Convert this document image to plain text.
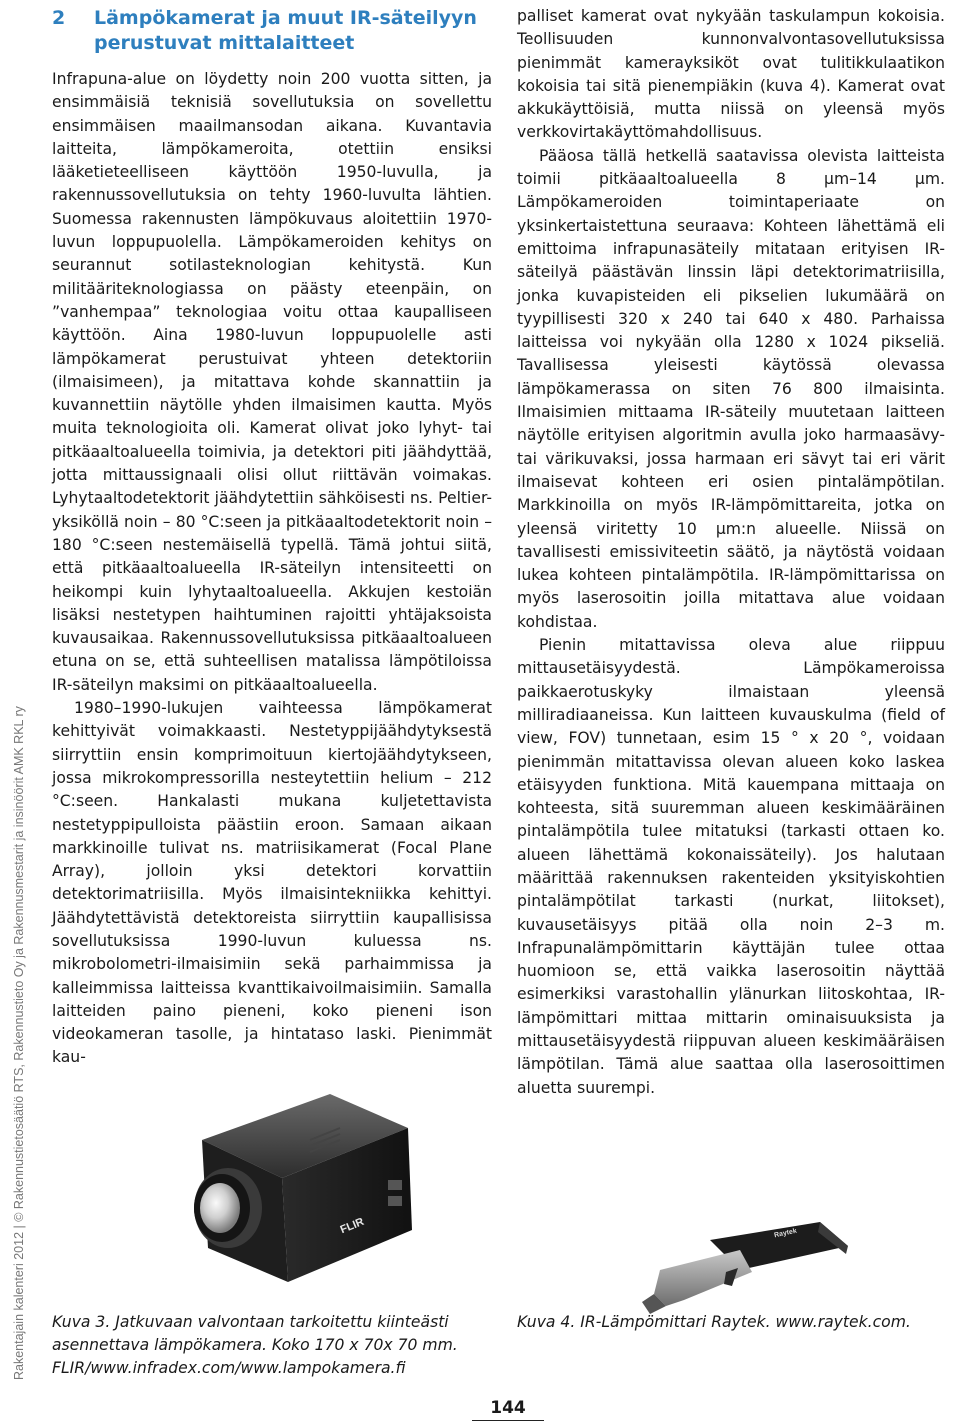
Rakentajain kalenteri 2012 | © Rakennustietosäätiö RTS, Rakennustieto Oy ja Rakennusmestarit ja insinöörit AMK RKL ry
2 Lämpökamerat ja muut IR-säteilyyn perustuvat mittalaitteet

Infrapuna-alue on löydetty noin 200 vuotta sitten, ja ensimmäisiä teknisiä sovellutuksia on sovellettu ensimmäisen maailmansodan aikana. Kuvantavia laitteita, lämpökameroita, otettiin ensiksi lääketieteelliseen käyttöön 1950-luvulla, ja rakennussovellutuksia on tehty 1960-luvulta lähtien. Suomessa rakennusten lämpökuvaus aloitettiin 1970-luvun loppupuolella. Lämpökameroiden kehitys on seurannut sotilasteknologian kehitystä. Kun militääriteknologiassa on päästy eteenpäin, on ”vanhempaa” teknologiaa voitu ottaa kaupalliseen käyttöön. Aina 1980-luvun loppupuolelle asti lämpökamerat perustuivat yhteen detektoriin (ilmaisimeen), ja mitattava kohde skannattiin ja kuvannettiin näytölle yhden ilmaisimen kautta. Myös muita teknologioita oli. Kamerat olivat joko lyhyt- tai pitkäaaltoalueella toimivia, ja detektori piti jäähdyttää, jotta mittaussignaali olisi ollut riittävän voimakas. Lyhytaaltodetektorit jäähdytettiin sähköisesti ns. Peltier-yksiköllä noin – 80 °C:seen ja pitkäaaltodetektorit noin – 180 °C:seen nestemäisellä typellä. Tämä johtui siitä, että pitkäaaltoalueella IR-säteilyn intensiteetti on heikompi kuin lyhytaaltoalueella. Akkujen kestoiän lisäksi nestetypen haihtuminen rajoitti yhtäjaksoista kuvausaikaa. Rakennussovellutuksissa pitkäaaltoalueen etuna on se, että suhteellisen matalissa lämpötiloissa IR-säteilyn maksimi on pitkäaaltoalueella.

1980–1990-lukujen vaihteessa lämpökamerat kehittyivät voimakkaasti. Nestetyppijäähdytyksestä siirryttiin ensin komprimoituun kiertojäähdytykseen, jossa mikrokompressorilla nesteytettiin helium – 212 °C:seen. Hankalasti mukana kuljetettavista nestetyppipulloista päästiin eroon. Samaan aikaan markkinoille tulivat ns. matriisikamerat (Focal Plane Array), jolloin yksi detektori korvattiin detektorimatriisilla. Myös ilmaisintekniikka kehittyi. Jäähdytettävistä detektoreista siirryttiin kaupallisissa sovellutuksissa 1990-luvun kuluessa ns. mikrobolometri-ilmaisimiin sekä parhaimmissa ja kalleimmissa laitteissa kvanttikaivoilmaisimiin. Samalla laitteiden paino pieneni, koko pieneni ison videokameran tasolle, ja hintataso laski. Pienimmät kau-

palliset kamerat ovat nykyään taskulampun kokoisia. Teollisuuden kunnonvalvontasovellutuksissa pienimmät kamerayksiköt ovat tulitikkulaatikon kokoisia tai sitä pienempiäkin (kuva 4). Kamerat ovat akkukäyttöisiä, mutta niissä on yleensä myös verkkovirtakäyttömahdollisuus.

Pääosa tällä hetkellä saatavissa olevista laitteista toimii pitkäaaltoalueella 8 µm–14 µm. Lämpökameroiden toimintaperiaate on yksinkertaistettuna seuraava: Kohteen lähettämä eli emittoima infrapunasäteily mitataan erityisen IR-säteilyä päästävän linssin läpi detektorimatriisilla, jonka kuvapisteiden eli pikselien lukumäärä on tyypillisesti 320 x 240 tai 640 x 480. Parhaissa laitteissa voi nykyään olla 1280 x 1024 pikseliä. Tavallisessa yleisesti käytössä olevassa lämpökamerassa on siten 76 800 ilmaisinta. Ilmaisimien mittaama IR-säteily muutetaan laitteen näytölle erityisen algoritmin avulla joko harmaasävy- tai värikuvaksi, jossa harmaan eri sävyt tai eri värit ilmaisevat kohteen eri osien pintalämpötilan. Markkinoilla on myös IR-lämpömittareita, jotka on yleensä viritetty 10 µm:n alueelle. Niissä on tavallisesti emissiviteetin säätö, ja näytöstä voidaan lukea kohteen pintalämpötila. IR-lämpömittarissa on myös laserosoitin joilla mitattava alue voidaan kohdistaa.

Pienin mitattavissa oleva alue riippuu mittausetäisyydestä. Lämpökameroissa paikkaerotuskyky ilmaistaan yleensä milliradiaaneissa. Kun laitteen kuvauskulma (field of view, FOV) tunnetaan, esim 15 ° x 20 °, voidaan pienimmän mitattavissa olevan alueen koko laskea etäisyyden funktiona. Mitä kauempana mittaaja on kohteesta, sitä suuremman alueen keskimääräinen pintalämpötila tulee mitatuksi (tarkasti ottaen ko. alueen lähettämä kokonaissäteily). Jos halutaan määrittää rakennuksen rakenteiden yksityiskohtien pintalämpötilat tarkasti (nurkat, liitokset), kuvausetäisyys pitää olla noin 2–3 m. Infrapunalämpömittarin käyttäjän tulee ottaa huomioon se, että vaikka laserosoitin näyttää esimerkiksi varastohallin ylänurkan liitoskohtaa, IR-lämpömittari mittaa mittarin ominaisuuksista ja mittausetäisyydestä riippuvan alueen keskimääräisen lämpötilan. Tämä alue saattaa olla laserosoittimen aluetta suurempi.

FLIR	Raytek
Kuva 3. Jatkuvaan valvontaan tarkoitettu kiinteästi asennettava lämpökamera. Koko 170 x 70x 70 mm. FLIR/www.infradex.com/www.lampokamera.fi
Kuva 4. IR-Lämpömittari Raytek. www.raytek.com.
144
